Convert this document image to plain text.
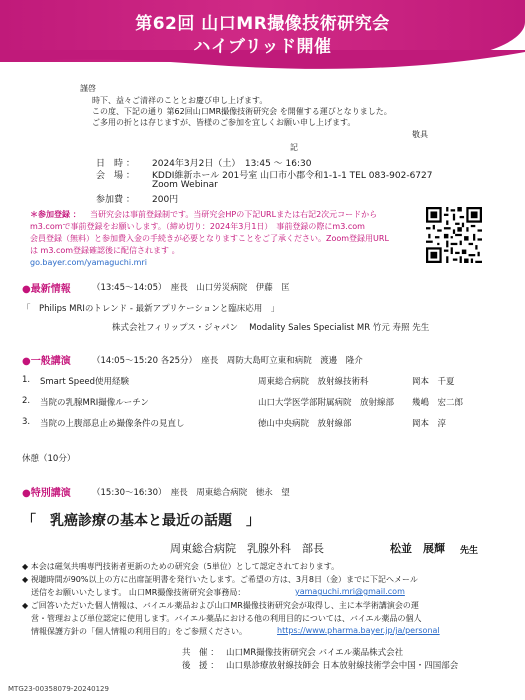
第62回 山口MR撮像技術研究会
ハイブリッド開催
謹啓
時下、益々ご清祥のこととお慶び申し上げます。
この度、下記の通り 第62回山口MR撮像技術研究会 を開催する運びとなりました。
ご多用の折とは存じますが、皆様のご参加を宜しくお願い申し上げます。
敬具
記
日　時 ： 2024年3月2日（土）　13:45 ～ 16:30
会　場 ： KDDI維新ホール 201号室 山口市小郡令和1-1-1 TEL 083-902-6727
Zoom Webinar
参加費 ： 200円
＊参加登録 ： 当研究会は事前登録制です。当研究会HPの下記URLまたは右記2次元コードから
m3.comで事前登録をお願いします。（締め切り：2024年3月1日）　事前登録の際にm3.com
会員登録（無料）と参加費入金の手続きが必要となりますことをご了承ください。Zoom登録用URL
は m3.com登録確認後に配信されます 。
go.bayer.com/yamaguchi.mri
●最新情報	（13:45～14:05）　座長　山口労災病院　伊藤　匡
「　Philips MRIのトレンド - 最新アプリケーションと臨床応用　」
株式会社フィリップス・ジャパン　 Modality Sales Specialist MR 竹元 寿照 先生
●一般講演	（14:05～15:20 各25分）　座長　周防大島町立東和病院　渡邊　隆介
1. Smart Speed使用経験	周東総合病院　放射線技術科	岡本　千夏
2. 当院の乳腺MRI撮像ルーチン	山口大学医学部附属病院　放射線部 幾嶋　宏二郎
3. 当院の上腹部息止め撮像条件の見直し	徳山中央病院　放射線部	岡本　淳
休憩（10分）
●特別講演	（15:30～16:30）　座長　周東総合病院　徳永　望
「　乳癌診療の基本と最近の話題　」
周東総合病院　乳腺外科　部長	松並　展輝 先生
◆ 本会は磁気共鳴専門技術者更新のための研究会（5単位）として認定されております。
◆ 視聴時間が90%以上の方に出席証明書を発行いたします。ご希望の方は、3月8日（金）までに下記へメール
送信をお願いいたします。 山口MR撮像技術研究会事務局：	yamaguchi.mri@gmail.com
◆ ご回答いただいた個人情報は、バイエル薬品および山口MR撮像技術研究会が取得し、主に本学術講演会の運
営・管理および単位認定に使用します。バイエル薬品における他の利用目的については、バイエル薬品の個人
情報保護方針の「個人情報の利用目的」をご参照ください。	https://www.pharma.bayer.jp/ja/personal
共　催 ： 山口MR撮像技術研究会 バイエル薬品株式会社
後　援 ： 山口県診療放射線技師会 日本放射線技術学会中国・四国部会
MTG23-00358079-20240129
